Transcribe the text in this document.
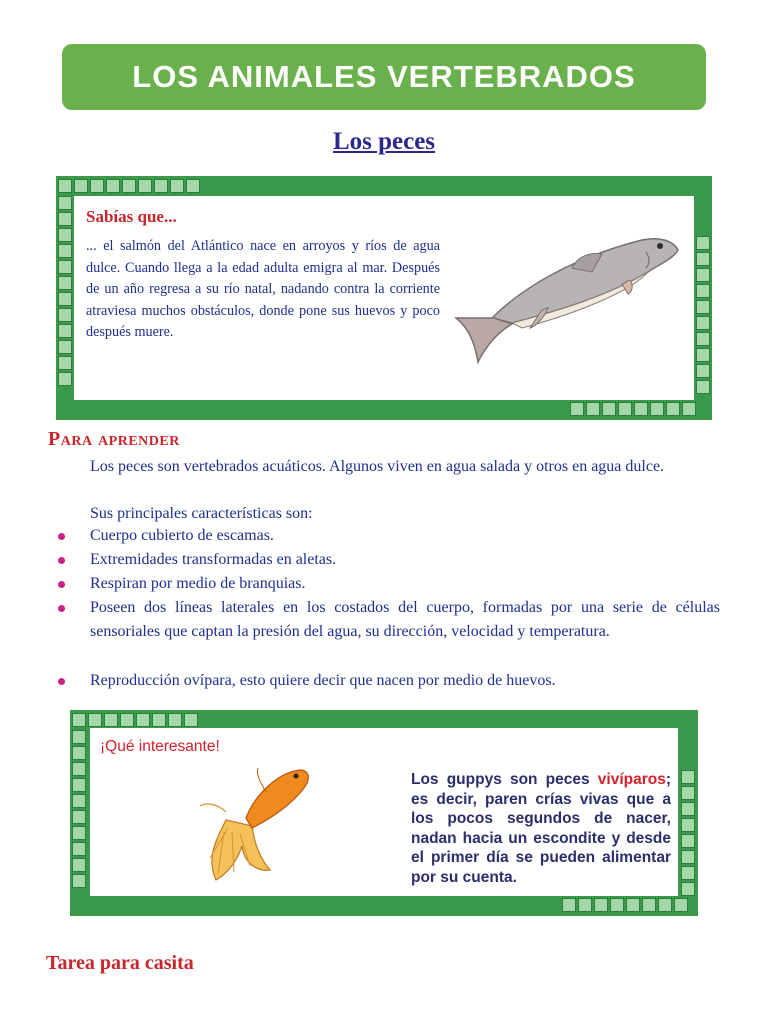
LOS ANIMALES VERTEBRADOS
Los peces
Sabías que...
... el salmón del Atlántico nace en arroyos y ríos de agua dulce. Cuando llega a la edad adulta emigra al mar. Después de un año regresa a su río natal, nadando contra la corriente atraviesa muchos obstáculos, donde pone sus huevos y poco después muere.
Para aprender
Los peces son vertebrados acuáticos. Algunos viven en agua salada y otros en agua dulce.
Sus principales características son:
Cuerpo cubierto de escamas.
Extremidades transformadas en aletas.
Respiran por medio de branquias.
Poseen dos líneas laterales en los costados del cuerpo, formadas por una serie de células sensoriales que captan la presión del agua, su dirección, velocidad y temperatura.
Reproducción ovípara, esto quiere decir que nacen por medio de huevos.
¡Qué interesante!
Los guppys son peces vivíparos; es decir, paren crías vivas que a los pocos segundos de nacer, nadan hacia un escondite y desde el primer día se pueden alimentar por su cuenta.
Tarea para casita
